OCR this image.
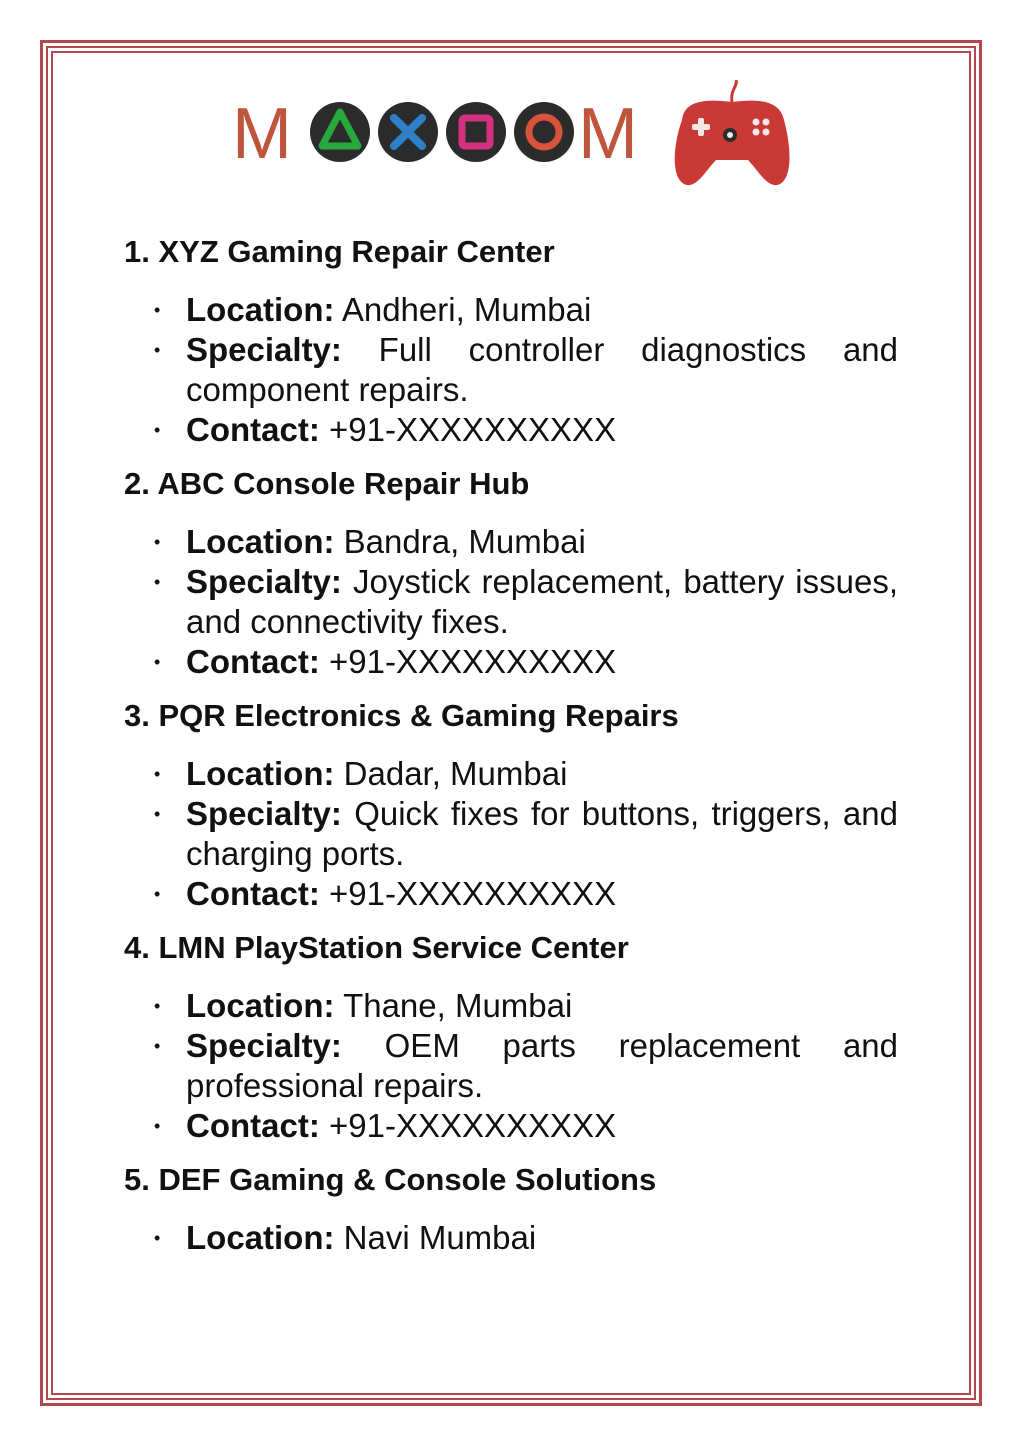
M	M
1. XYZ Gaming Repair Center
• Location: Andheri, Mumbai
• Specialty: Full controller diagnostics and component repairs.
• Contact: +91-XXXXXXXXXX
2. ABC Console Repair Hub
• Location: Bandra, Mumbai
• Specialty: Joystick replacement, battery issues, and connectivity fixes.
• Contact: +91-XXXXXXXXXX
3. PQR Electronics & Gaming Repairs
• Location: Dadar, Mumbai
• Specialty: Quick fixes for buttons, triggers, and charging ports.
• Contact: +91-XXXXXXXXXX
4. LMN PlayStation Service Center
• Location: Thane, Mumbai
• Specialty: OEM parts replacement and professional repairs.
• Contact: +91-XXXXXXXXXX
5. DEF Gaming & Console Solutions
• Location: Navi Mumbai
